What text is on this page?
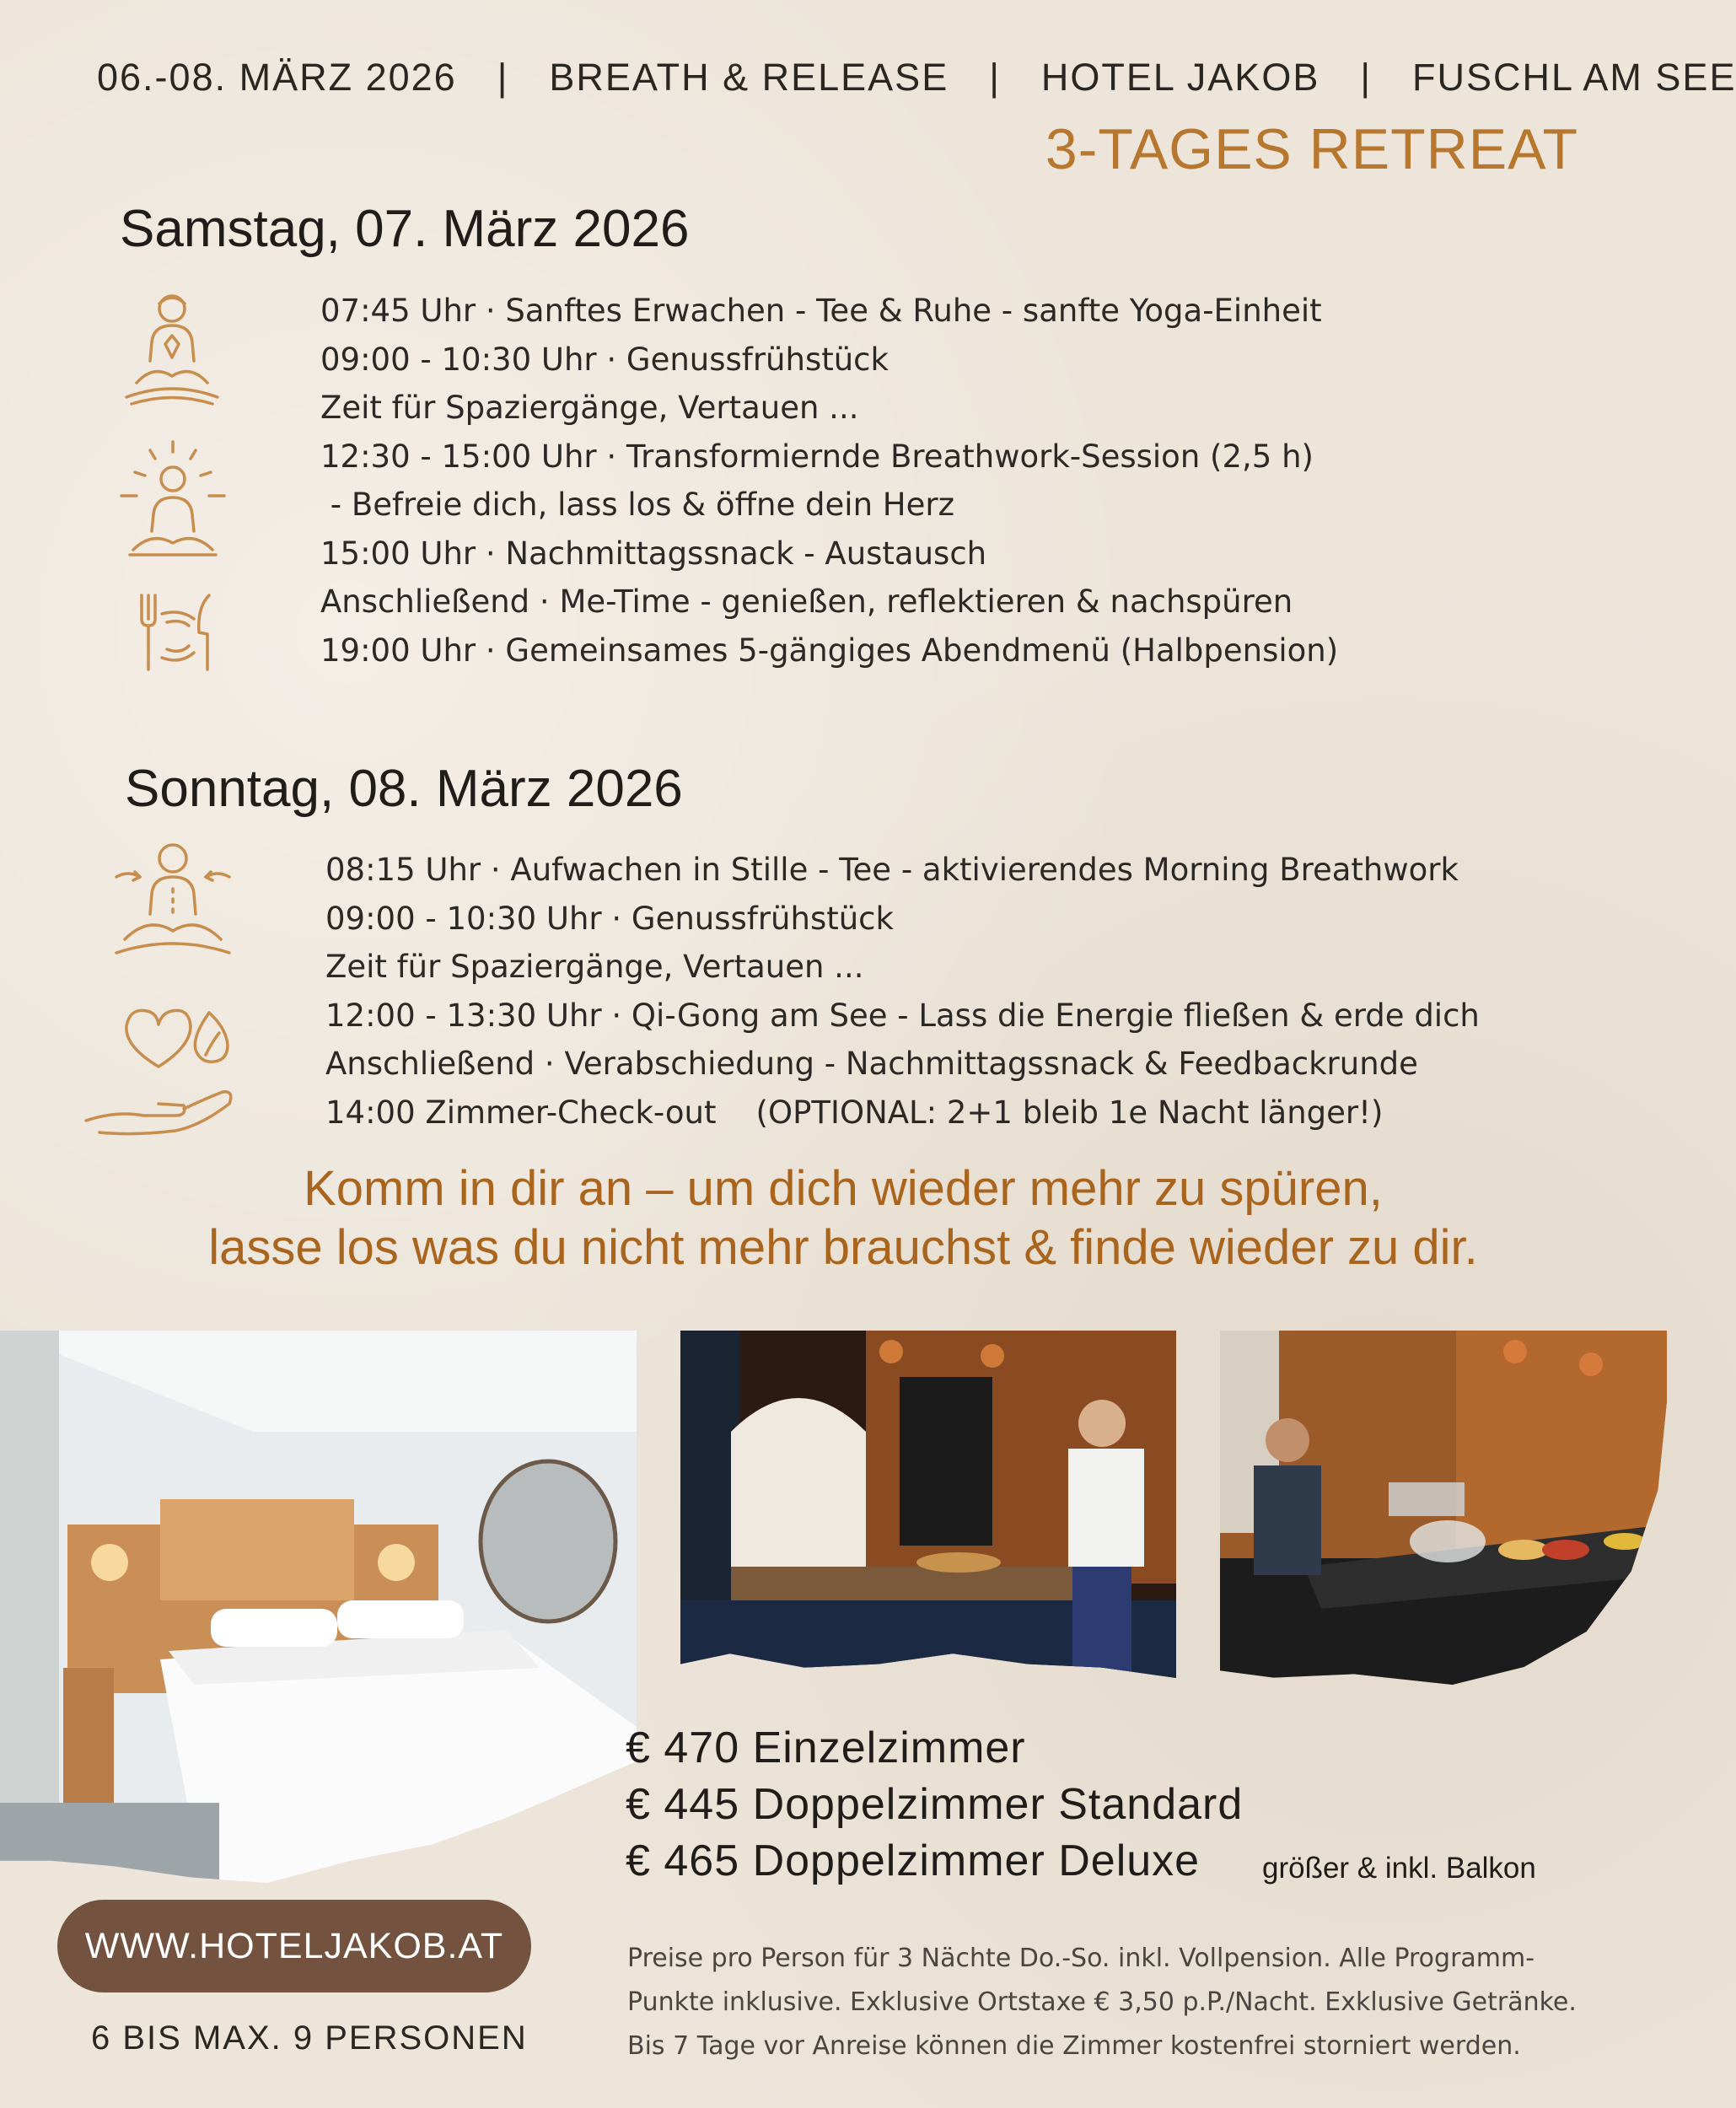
06.-08. MÄRZ 2026 | BREATH & RELEASE | HOTEL JAKOB | FUSCHL AM SEE
3-TAGES RETREAT
Samstag, 07. März 2026
07:45 Uhr · Sanftes Erwachen - Tee & Ruhe - sanfte Yoga-Einheit
09:00 - 10:30 Uhr · Genussfrühstück
Zeit für Spaziergänge, Vertauen ...
12:30 - 15:00 Uhr · Transformiernde Breathwork-Session (2,5 h)
- Befreie dich, lass los & öffne dein Herz
15:00 Uhr · Nachmittagssnack - Austausch
Anschließend · Me-Time - genießen, reflektieren & nachspüren
19:00 Uhr · Gemeinsames 5-gängiges Abendmenü (Halbpension)
Sonntag, 08. März 2026
08:15 Uhr · Aufwachen in Stille - Tee - aktivierendes Morning Breathwork
09:00 - 10:30 Uhr · Genussfrühstück
Zeit für Spaziergänge, Vertauen ...
12:00 - 13:30 Uhr · Qi-Gong am See - Lass die Energie fließen & erde dich
Anschließend · Verabschiedung - Nachmittagssnack & Feedbackrunde
14:00 Zimmer-Check-out    (OPTIONAL: 2+1 bleib 1e Nacht länger!)
Komm in dir an – um dich wieder mehr zu spüren,
lasse los was du nicht mehr brauchst & finde wieder zu dir.
€ 470 Einzelzimmer
€ 445 Doppelzimmer Standard
€ 465 Doppelzimmer Deluxe	größer & inkl. Balkon
Preise pro Person für 3 Nächte Do.-So. inkl. Vollpension. Alle Programm-
Punkte inklusive. Exklusive Ortstaxe € 3,50 p.P./Nacht. Exklusive Getränke.
Bis 7 Tage vor Anreise können die Zimmer kostenfrei storniert werden.
WWW.HOTELJAKOB.AT
6 BIS MAX. 9 PERSONEN
